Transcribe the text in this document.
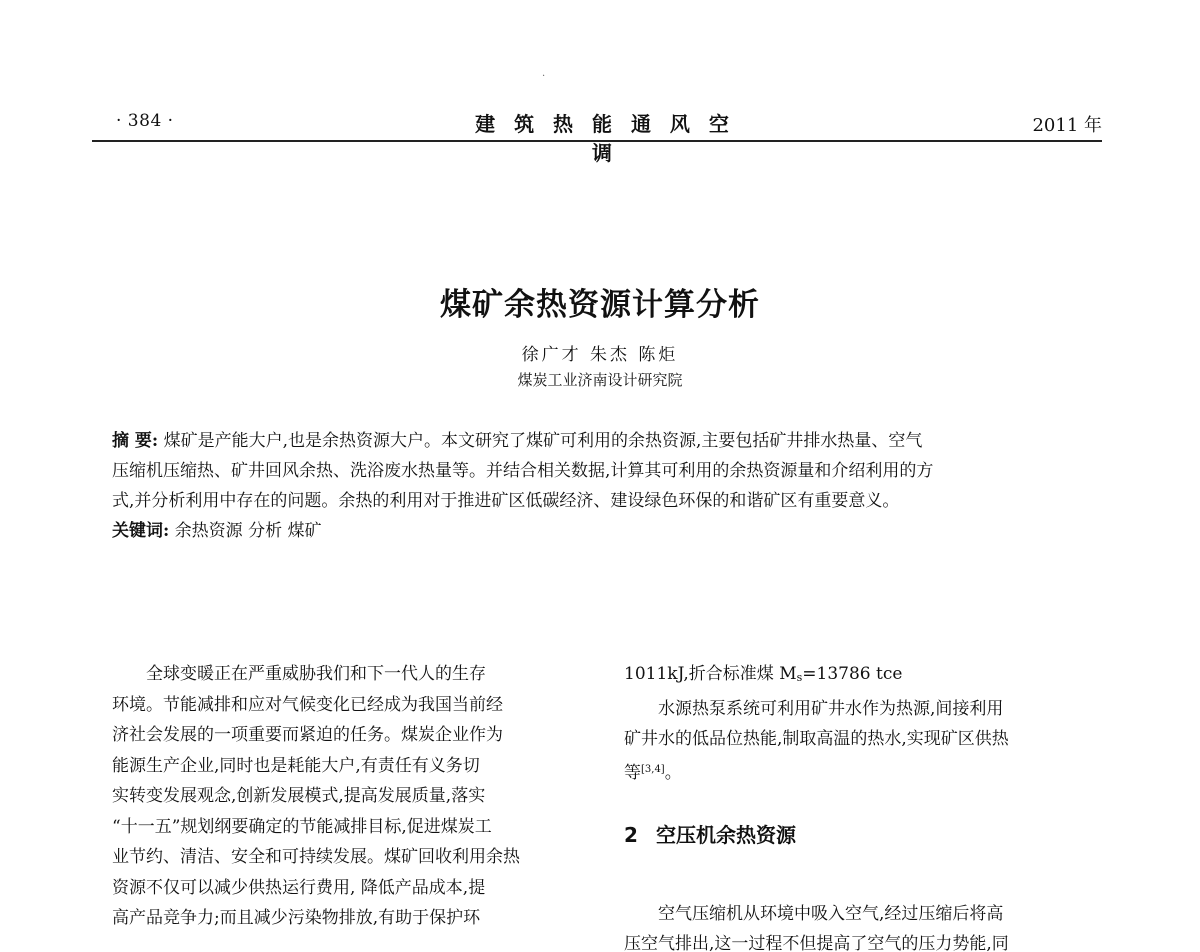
.
· 384 ·	建 筑 热 能 通 风 空 调
2011 年
煤矿余热资源计算分析
徐广才 朱杰 陈炬
煤炭工业济南设计研究院
摘 要: 煤矿是产能大户,也是余热资源大户。本文研究了煤矿可利用的余热资源,主要包括矿井排水热量、空气
压缩机压缩热、矿井回风余热、洗浴废水热量等。并结合相关数据,计算其可利用的余热资源量和介绍利用的方
式,并分析利用中存在的问题。余热的利用对于推进矿区低碳经济、建设绿色环保的和谐矿区有重要意义。
关键词: 余热资源 分析 煤矿
全球变暖正在严重威胁我们和下一代人的生存
环境。节能减排和应对气候变化已经成为我国当前经
济社会发展的一项重要而紧迫的任务。煤炭企业作为
能源生产企业,同时也是耗能大户,有责任有义务切
实转变发展观念,创新发展模式,提高发展质量,落实
“十一五”规划纲要确定的节能减排目标,促进煤炭工
业节约、清洁、安全和可持续发展。煤矿回收利用余热
资源不仅可以减少供热运行费用, 降低产品成本,提
高产品竞争力;而且减少污染物排放,有助于保护环
1011kJ,折合标准煤 Ms=13786 tce
水源热泵系统可利用矿井水作为热源,间接利用
矿井水的低品位热能,制取高温的热水,实现矿区供热
等[3,4]。
2 空压机余热资源
空气压缩机从环境中吸入空气,经过压缩后将高
压空气排出,这一过程不但提高了空气的压力势能,同
